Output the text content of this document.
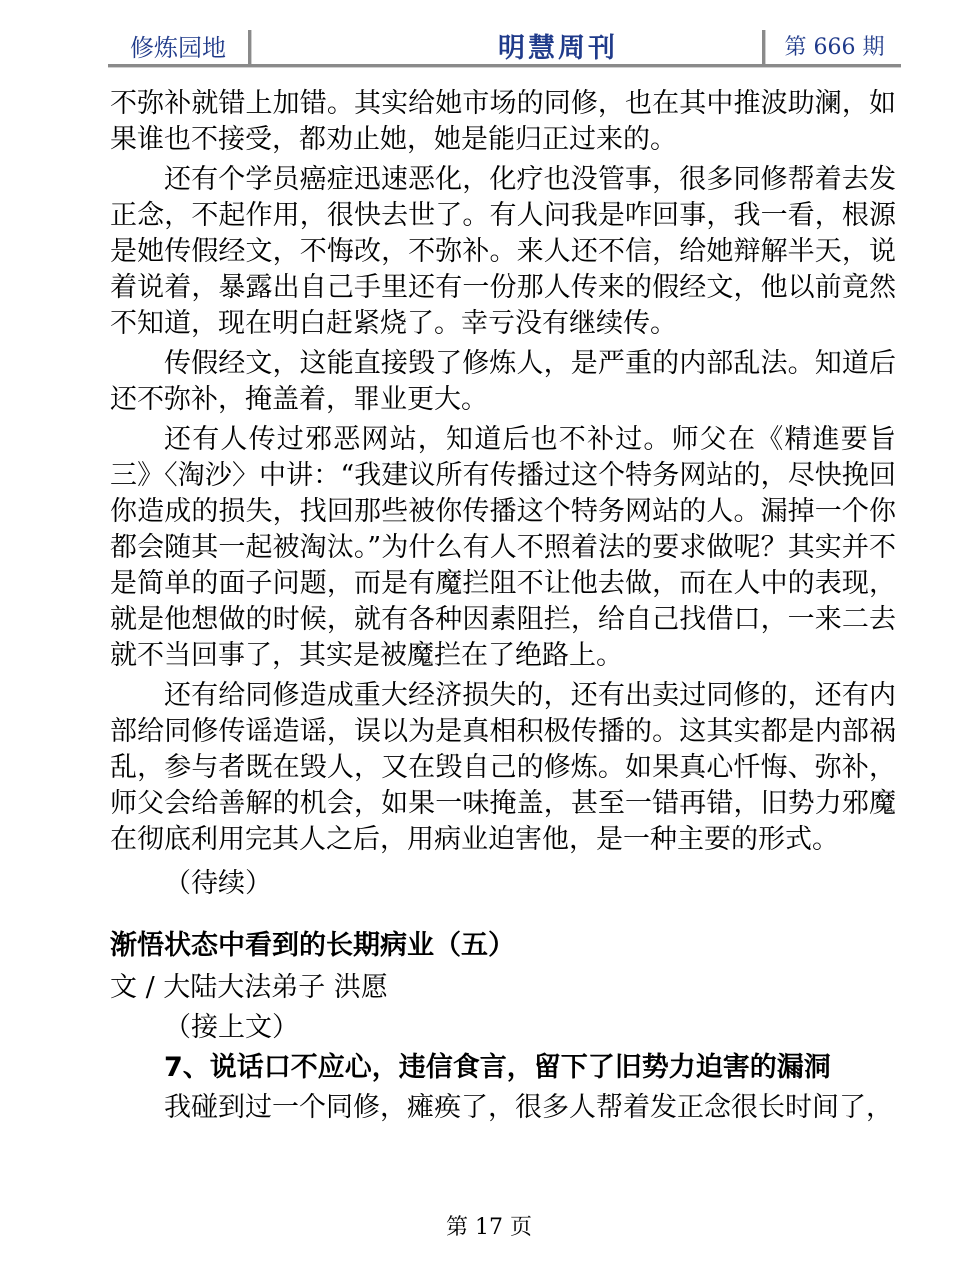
修炼园地	明慧周刊	第 666 期

不弥补就错上加错。其实给她市场的同修，也在其中推波助澜，如果谁也不接受，都劝止她，她是能归正过来的。

还有个学员癌症迅速恶化，化疗也没管事，很多同修帮着去发正念，不起作用，很快去世了。有人问我是咋回事，我一看，根源是她传假经文，不悔改，不弥补。来人还不信，给她辩解半天，说着说着，暴露出自己手里还有一份那人传来的假经文，他以前竟然不知道，现在明白赶紧烧了。幸亏没有继续传。

传假经文，这能直接毁了修炼人，是严重的内部乱法。知道后还不弥补，掩盖着，罪业更大。

还有人传过邪恶网站，知道后也不补过。师父在《精進要旨三》〈淘沙〉中讲：“我建议所有传播过这个特务网站的，尽快挽回你造成的损失，找回那些被你传播这个特务网站的人。漏掉一个你都会随其一起被淘汰。”为什么有人不照着法的要求做呢？其实并不是简单的面子问题，而是有魔拦阻不让他去做，而在人中的表现，就是他想做的时候，就有各种因素阻拦，给自己找借口，一来二去就不当回事了，其实是被魔拦在了绝路上。

还有给同修造成重大经济损失的，还有出卖过同修的，还有内部给同修传谣造谣，误以为是真相积极传播的。这其实都是内部祸乱，参与者既在毁人，又在毁自己的修炼。如果真心忏悔、弥补，师父会给善解的机会，如果一味掩盖，甚至一错再错，旧势力邪魔在彻底利用完其人之后，用病业迫害他，是一种主要的形式。

（待续）
渐悟状态中看到的长期病业（五）
文 / 大陆大法弟子 洪愿
（接上文）
7、说话口不应心，违信食言，留下了旧势力迫害的漏洞

我碰到过一个同修，瘫痪了，很多人帮着发正念很长时间了，

第 17 页
